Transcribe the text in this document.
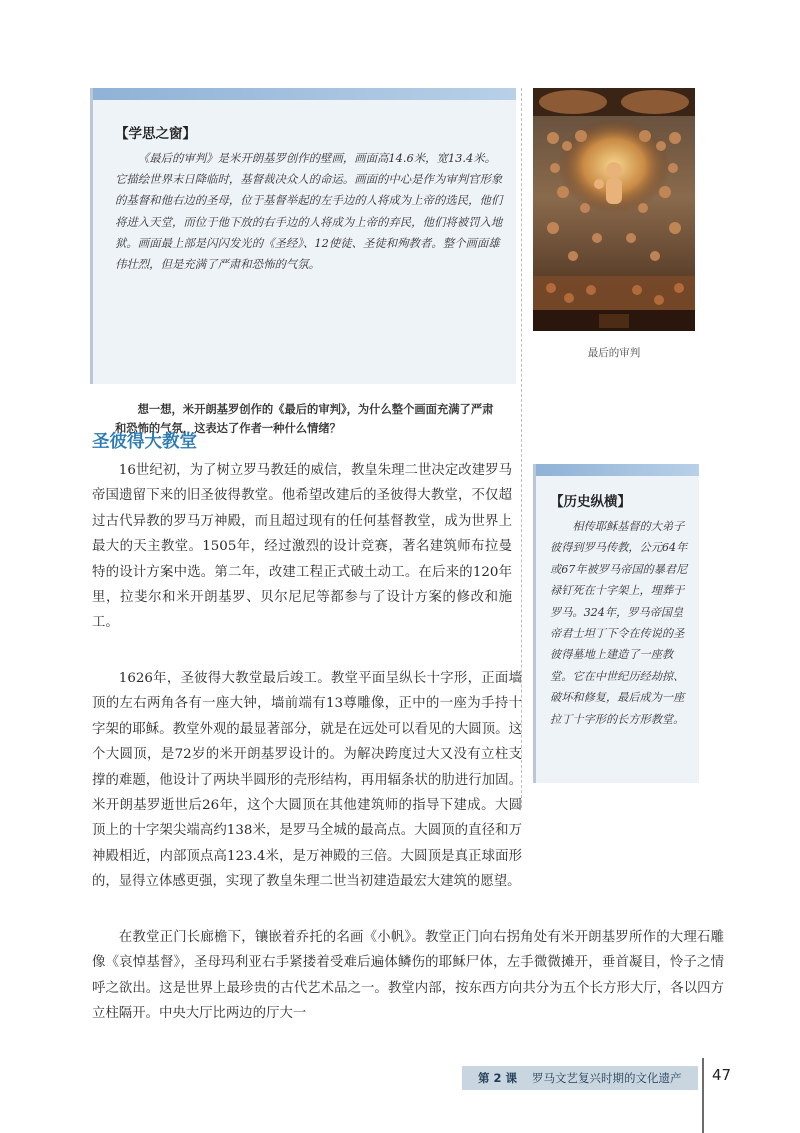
【学思之窗】

《最后的审判》是米开朗基罗创作的壁画，画面高14.6米，宽13.4米。它描绘世界末日降临时，基督裁决众人的命运。画面的中心是作为审判官形象的基督和他右边的圣母，位于基督举起的左手边的人将成为上帝的选民，他们将进入天堂，而位于他下放的右手边的人将成为上帝的弃民，他们将被罚入地狱。画面最上部是闪闪发光的《圣经》、12使徒、圣徒和殉教者。整个画面雄伟壮烈，但是充满了严肃和恐怖的气氛。

想一想，米开朗基罗创作的《最后的审判》，为什么整个画面充满了严肃和恐怖的气氛，这表达了作者一种什么情绪？

最后的审判
圣彼得大教堂

16世纪初，为了树立罗马教廷的威信，教皇朱理二世决定改建罗马帝国遗留下来的旧圣彼得教堂。他希望改建后的圣彼得大教堂，不仅超过古代异教的罗马万神殿，而且超过现有的任何基督教堂，成为世界上最大的天主教堂。1505年，经过激烈的设计竞赛，著名建筑师布拉曼特的设计方案中选。第二年，改建工程正式破土动工。在后来的120年里，拉斐尔和米开朗基罗、贝尔尼尼等都参与了设计方案的修改和施工。

1626年，圣彼得大教堂最后竣工。教堂平面呈纵长十字形，正面墙顶的左右两角各有一座大钟，墙前端有13尊雕像，正中的一座为手持十字架的耶稣。教堂外观的最显著部分，就是在远处可以看见的大圆顶。这个大圆顶，是72岁的米开朗基罗设计的。为解决跨度过大又没有立柱支撑的难题，他设计了两块半圆形的壳形结构，再用辐条状的肋进行加固。米开朗基罗逝世后26年，这个大圆顶在其他建筑师的指导下建成。大圆顶上的十字架尖端高约138米，是罗马全城的最高点。大圆顶的直径和万神殿相近，内部顶点高123.4米，是万神殿的三倍。大圆顶是真正球面形的，显得立体感更强，实现了教皇朱理二世当初建造最宏大建筑的愿望。

在教堂正门长廊檐下，镶嵌着乔托的名画《小帆》。教堂正门向右拐角处有米开朗基罗所作的大理石雕像《哀悼基督》，圣母玛利亚右手紧搂着受难后遍体鳞伤的耶稣尸体，左手微微摊开，垂首凝目，怜子之情呼之欲出。这是世界上最珍贵的古代艺术品之一。教堂内部，按东西方向共分为五个长方形大厅，各以四方立柱隔开。中央大厅比两边的厅大一

【历史纵横】

相传耶稣基督的大弟子彼得到罗马传教，公元64年或67年被罗马帝国的暴君尼禄钉死在十字架上，埋葬于罗马。324年，罗马帝国皇帝君士坦丁下令在传说的圣彼得墓地上建造了一座教堂。它在中世纪历经劫掠、破坏和修复，最后成为一座拉丁十字形的长方形教堂。

第 2 课 罗马文艺复兴时期的文化遗产 47
